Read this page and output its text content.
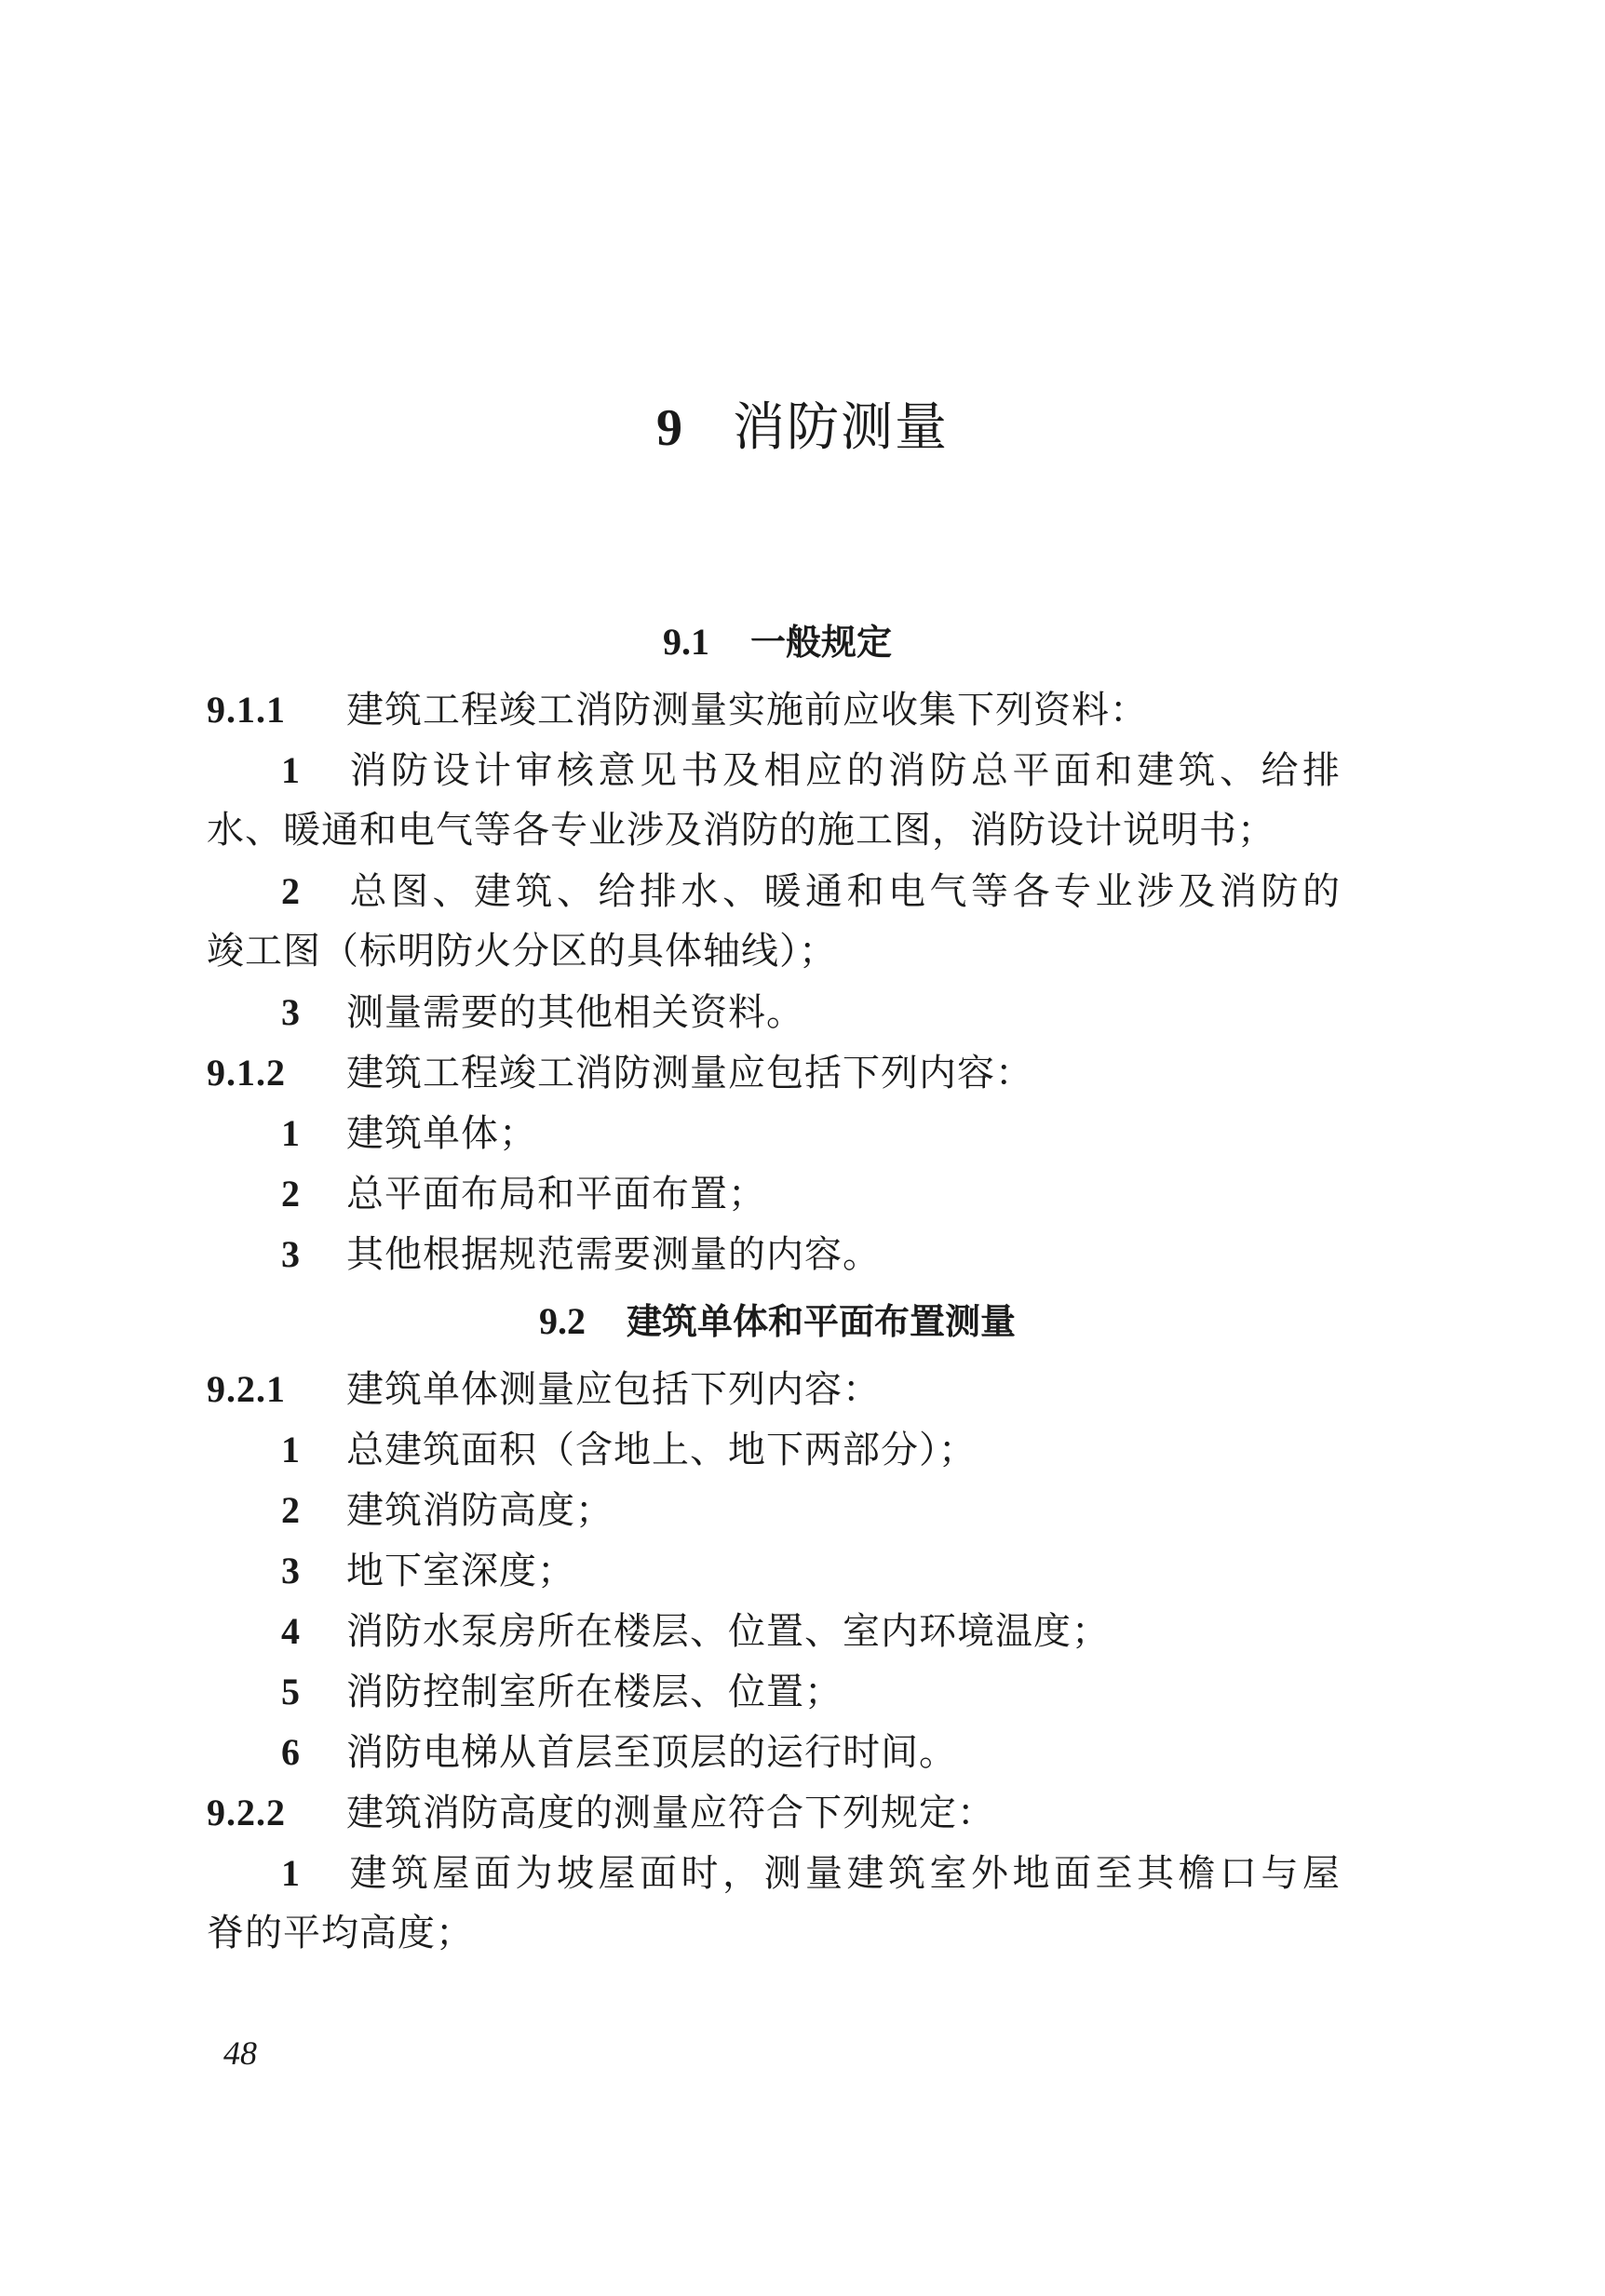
9 消防测量
9.1 一般规定
9.1.1 建筑工程竣工消防测量实施前应收集下列资料：
1 消防设计审核意见书及相应的消防总平面和建筑、给排
水、暖通和电气等各专业涉及消防的施工图，消防设计说明书；
2 总图、建筑、给排水、暖通和电气等各专业涉及消防的
竣工图（标明防火分区的具体轴线）；
3 测量需要的其他相关资料。
9.1.2 建筑工程竣工消防测量应包括下列内容：
1 建筑单体；
2 总平面布局和平面布置；
3 其他根据规范需要测量的内容。
9.2 建筑单体和平面布置测量
9.2.1 建筑单体测量应包括下列内容：
1 总建筑面积（含地上、地下两部分）；
2 建筑消防高度；
3 地下室深度；
4 消防水泵房所在楼层、位置、室内环境温度；
5 消防控制室所在楼层、位置；
6 消防电梯从首层至顶层的运行时间。
9.2.2 建筑消防高度的测量应符合下列规定：
1 建筑屋面为坡屋面时，测量建筑室外地面至其檐口与屋
脊的平均高度；
48
